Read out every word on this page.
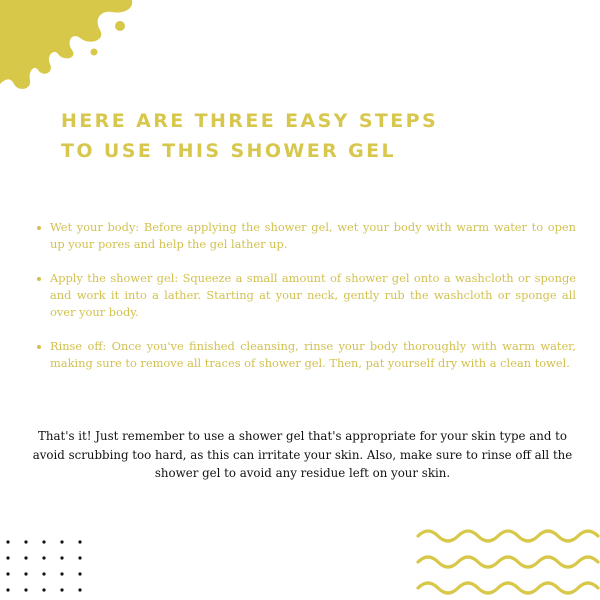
HERE ARE THREE EASY STEPS
TO USE THIS SHOWER GEL
Wet your body: Before applying the shower gel, wet your body with warm water to open up your pores and help the gel lather up.
Apply the shower gel: Squeeze a small amount of shower gel onto a washcloth or sponge and work it into a lather. Starting at your neck, gently rub the washcloth or sponge all over your body.
Rinse off: Once you've finished cleansing, rinse your body thoroughly with warm water, making sure to remove all traces of shower gel. Then, pat yourself dry with a clean towel.

That's it! Just remember to use a shower gel that's appropriate for your skin type and to avoid scrubbing too hard, as this can irritate your skin. Also, make sure to rinse off all the shower gel to avoid any residue left on your skin.
